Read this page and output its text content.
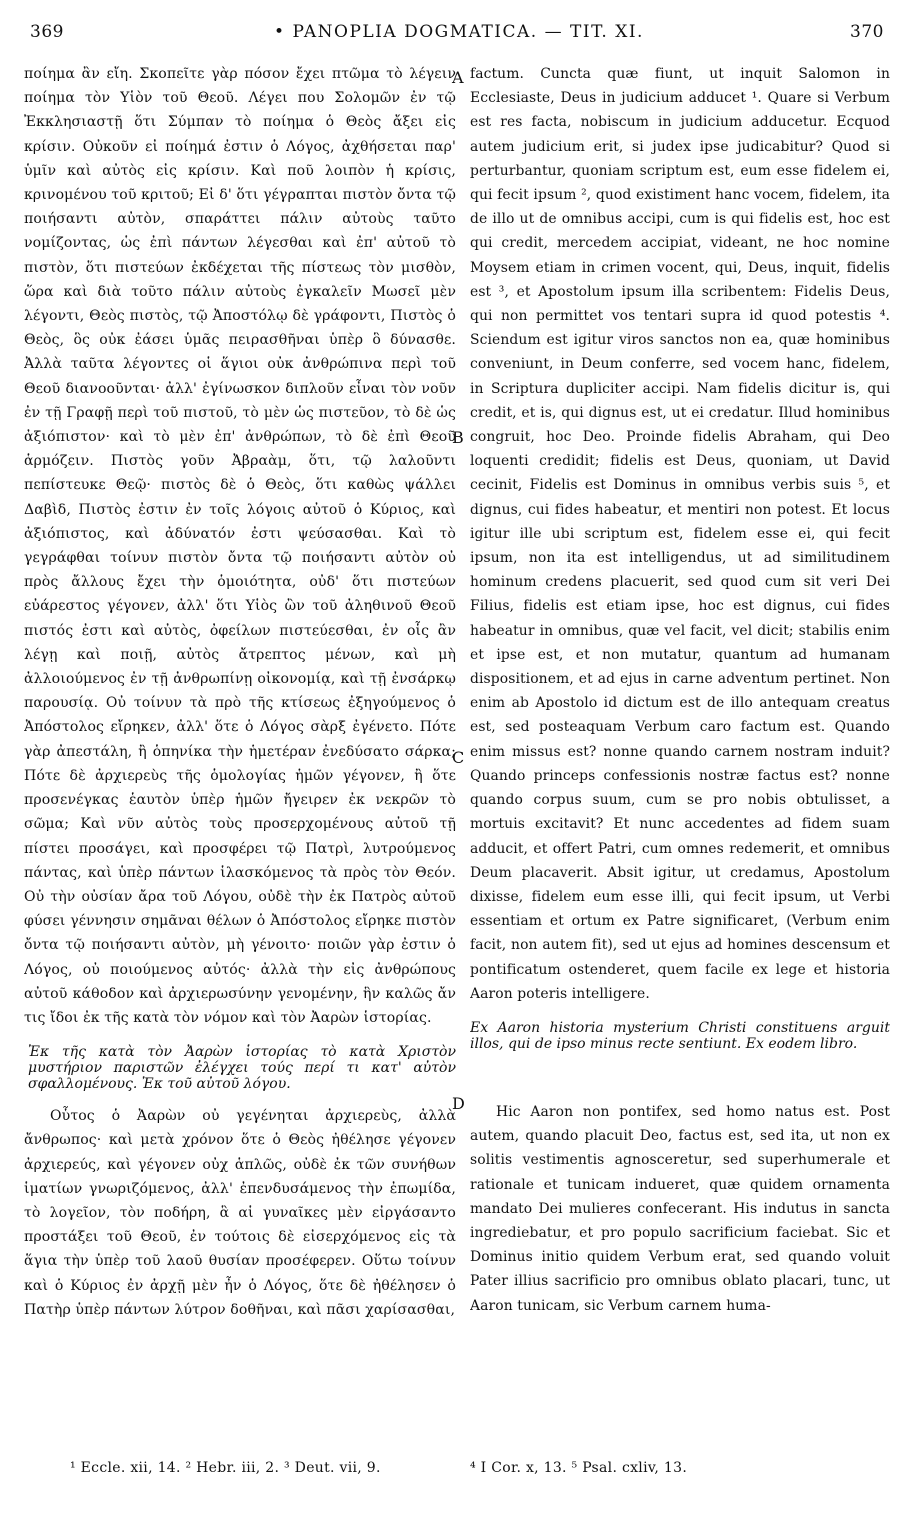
369	• PANOPLIA DOGMATICA. — TIT. XI.	370
A
B
C
D

ποίημα ἂν εἴη. Σκοπεῖτε γὰρ πόσον ἔχει πτῶμα τὸ λέγειν ποίημα τὸν Υἱὸν τοῦ Θεοῦ. Λέγει που Σολομῶν ἐν τῷ Ἐκκλησιαστῇ ὅτι Σύμπαν τὸ ποίημα ὁ Θεὸς ἄξει εἰς κρίσιν. Οὐκοῦν εἰ ποίημά ἐστιν ὁ Λόγος, ἀχθήσεται παρ' ὑμῖν καὶ αὐτὸς εἰς κρίσιν. Καὶ ποῦ λοιπὸν ἡ κρίσις, κρινομένου τοῦ κριτοῦ; Εἰ δ' ὅτι γέγραπται πιστὸν ὄντα τῷ ποιήσαντι αὐτὸν, σπαράττει πάλιν αὐτοὺς ταῦτο νομίζοντας, ὡς ἐπὶ πάντων λέγεσθαι καὶ ἐπ' αὐτοῦ τὸ πιστὸν, ὅτι πιστεύων ἐκδέχεται τῆς πίστεως τὸν μισθὸν, ὥρα καὶ διὰ τοῦτο πάλιν αὐτοὺς ἐγκαλεῖν Μωσεῖ μὲν λέγοντι, Θεὸς πιστὸς, τῷ Ἀποστόλῳ δὲ γράφοντι, Πιστὸς ὁ Θεὸς, ὃς οὐκ ἐάσει ὑμᾶς πειρασθῆναι ὑπὲρ ὃ δύνασθε. Ἀλλὰ ταῦτα λέγοντες οἱ ἅγιοι οὐκ ἀνθρώπινα περὶ τοῦ Θεοῦ διανοοῦνται· ἀλλ' ἐγίνωσκον διπλοῦν εἶναι τὸν νοῦν ἐν τῇ Γραφῇ περὶ τοῦ πιστοῦ, τὸ μὲν ὡς πιστεῦον, τὸ δὲ ὡς ἀξιόπιστον· καὶ τὸ μὲν ἐπ' ἀνθρώπων, τὸ δὲ ἐπὶ Θεοῦ ἁρμόζειν. Πιστὸς γοῦν Ἀβραὰμ, ὅτι, τῷ λαλοῦντι πεπίστευκε Θεῷ· πιστὸς δὲ ὁ Θεὸς, ὅτι καθὼς ψάλλει Δαβὶδ, Πιστὸς ἐστιν ἐν τοῖς λόγοις αὐτοῦ ὁ Κύριος, καὶ ἀξιόπιστος, καὶ ἀδύνατόν ἐστι ψεύσασθαι. Καὶ τὸ γεγράφθαι τοίνυν πιστὸν ὄντα τῷ ποιήσαντι αὐτὸν οὐ πρὸς ἄλλους ἔχει τὴν ὁμοιότητα, οὐδ' ὅτι πιστεύων εὐάρεστος γέγονεν, ἀλλ' ὅτι Υἱὸς ὢν τοῦ ἀληθινοῦ Θεοῦ πιστός ἐστι καὶ αὐτὸς, ὀφείλων πιστεύεσθαι, ἐν οἷς ἂν λέγῃ καὶ ποιῇ, αὐτὸς ἄτρεπτος μένων, καὶ μὴ ἀλλοιούμενος ἐν τῇ ἀνθρωπίνῃ οἰκονομίᾳ, καὶ τῇ ἐνσάρκῳ παρουσίᾳ. Οὐ τοίνυν τὰ πρὸ τῆς κτίσεως ἐξηγούμενος ὁ Ἀπόστολος εἴρηκεν, ἀλλ' ὅτε ὁ Λόγος σὰρξ ἐγένετο. Πότε γὰρ ἀπεστάλη, ἢ ὁπηνίκα τὴν ἡμετέραν ἐνεδύσατο σάρκα; Πότε δὲ ἀρχιερεὺς τῆς ὁμολογίας ἡμῶν γέγονεν, ἢ ὅτε προσενέγκας ἑαυτὸν ὑπὲρ ἡμῶν ἤγειρεν ἐκ νεκρῶν τὸ σῶμα; Καὶ νῦν αὐτὸς τοὺς προσερχομένους αὐτοῦ τῇ πίστει προσάγει, καὶ προσφέρει τῷ Πατρὶ, λυτρούμενος πάντας, καὶ ὑπὲρ πάντων ἱλασκόμενος τὰ πρὸς τὸν Θεόν. Οὐ τὴν οὐσίαν ἄρα τοῦ Λόγου, οὐδὲ τὴν ἐκ Πατρὸς αὐτοῦ φύσει γέννησιν σημᾶναι θέλων ὁ Ἀπόστολος εἴρηκε πιστὸν ὄντα τῷ ποιήσαντι αὐτὸν, μὴ γένοιτο· ποιῶν γὰρ ἐστιν ὁ Λόγος, οὐ ποιούμενος αὐτός· ἀλλὰ τὴν εἰς ἀνθρώπους αὐτοῦ κάθοδον καὶ ἀρχιερωσύνην γενομένην, ἣν καλῶς ἄν τις ἴδοι ἐκ τῆς κατὰ τὸν νόμον καὶ τὸν Ἀαρὼν ἱστορίας.

Ἐκ τῆς κατὰ τὸν Ἀαρὼν ἱστορίας τὸ κατὰ Χριστὸν μυστήριον παριστῶν ἐλέγχει τούς περί τι κατ' αὐτὸν σφαλλομένους. Ἐκ τοῦ αὐτοῦ λόγου.

Οὗτος ὁ Ἀαρὼν οὐ γεγένηται ἀρχιερεὺς, ἀλλὰ ἄνθρωπος· καὶ μετὰ χρόνον ὅτε ὁ Θεὸς ἠθέλησε γέγονεν ἀρχιερεύς, καὶ γέγονεν οὐχ ἁπλῶς, οὐδὲ ἐκ τῶν συνήθων ἱματίων γνωριζόμενος, ἀλλ' ἐπενδυσάμενος τὴν ἐπωμίδα, τὸ λογεῖον, τὸν ποδήρη, ἃ αἱ γυναῖκες μὲν εἰργάσαντο προστάξει τοῦ Θεοῦ, ἐν τούτοις δὲ εἰσερχόμενος εἰς τὰ ἅγια τὴν ὑπὲρ τοῦ λαοῦ θυσίαν προσέφερεν. Οὕτω τοίνυν καὶ ὁ Κύριος ἐν ἀρχῇ μὲν ἦν ὁ Λόγος, ὅτε δὲ ἠθέλησεν ὁ Πατὴρ ὑπὲρ πάντων λύτρον δοθῆναι, καὶ πᾶσι χαρίσασθαι,

factum. Cuncta quæ fiunt, ut inquit Salomon in Ecclesiaste, Deus in judicium adducet ¹. Quare si Verbum est res facta, nobiscum in judicium adducetur. Ecquod autem judicium erit, si judex ipse judicabitur? Quod si perturbantur, quoniam scriptum est, eum esse fidelem ei, qui fecit ipsum ², quod existiment hanc vocem, fidelem, ita de illo ut de omnibus accipi, cum is qui fidelis est, hoc est qui credit, mercedem accipiat, videant, ne hoc nomine Moysem etiam in crimen vocent, qui, Deus, inquit, fidelis est ³, et Apostolum ipsum illa scribentem: Fidelis Deus, qui non permittet vos tentari supra id quod potestis ⁴. Sciendum est igitur viros sanctos non ea, quæ hominibus conveniunt, in Deum conferre, sed vocem hanc, fidelem, in Scriptura dupliciter accipi. Nam fidelis dicitur is, qui credit, et is, qui dignus est, ut ei credatur. Illud hominibus congruit, hoc Deo. Proinde fidelis Abraham, qui Deo loquenti credidit; fidelis est Deus, quoniam, ut David cecinit, Fidelis est Dominus in omnibus verbis suis ⁵, et dignus, cui fides habeatur, et mentiri non potest. Et locus igitur ille ubi scriptum est, fidelem esse ei, qui fecit ipsum, non ita est intelligendus, ut ad similitudinem hominum credens placuerit, sed quod cum sit veri Dei Filius, fidelis est etiam ipse, hoc est dignus, cui fides habeatur in omnibus, quæ vel facit, vel dicit; stabilis enim et ipse est, et non mutatur, quantum ad humanam dispositionem, et ad ejus in carne adventum pertinet. Non enim ab Apostolo id dictum est de illo antequam creatus est, sed posteaquam Verbum caro factum est. Quando enim missus est? nonne quando carnem nostram induit? Quando princeps confessionis nostræ factus est? nonne quando corpus suum, cum se pro nobis obtulisset, a mortuis excitavit? Et nunc accedentes ad fidem suam adducit, et offert Patri, cum omnes redemerit, et omnibus Deum placaverit. Absit igitur, ut credamus, Apostolum dixisse, fidelem eum esse illi, qui fecit ipsum, ut Verbi essentiam et ortum ex Patre significaret, (Verbum enim facit, non autem fit), sed ut ejus ad homines descensum et pontificatum ostenderet, quem facile ex lege et historia Aaron poteris intelligere.

Ex Aaron historia mysterium Christi constituens arguit illos, qui de ipso minus recte sentiunt. Ex eodem libro.

Hic Aaron non pontifex, sed homo natus est. Post autem, quando placuit Deo, factus est, sed ita, ut non ex solitis vestimentis agnosceretur, sed superhumerale et rationale et tunicam indueret, quæ quidem ornamenta mandato Dei mulieres confecerant. His indutus in sancta ingrediebatur, et pro populo sacrificium faciebat. Sic et Dominus initio quidem Verbum erat, sed quando voluit Pater illius sacrificio pro omnibus oblato placari, tunc, ut Aaron tunicam, sic Verbum carnem huma-

¹ Eccle. xii, 14. ² Hebr. iii, 2. ³ Deut. vii, 9.	⁴ I Cor. x, 13. ⁵ Psal. cxliv, 13.
